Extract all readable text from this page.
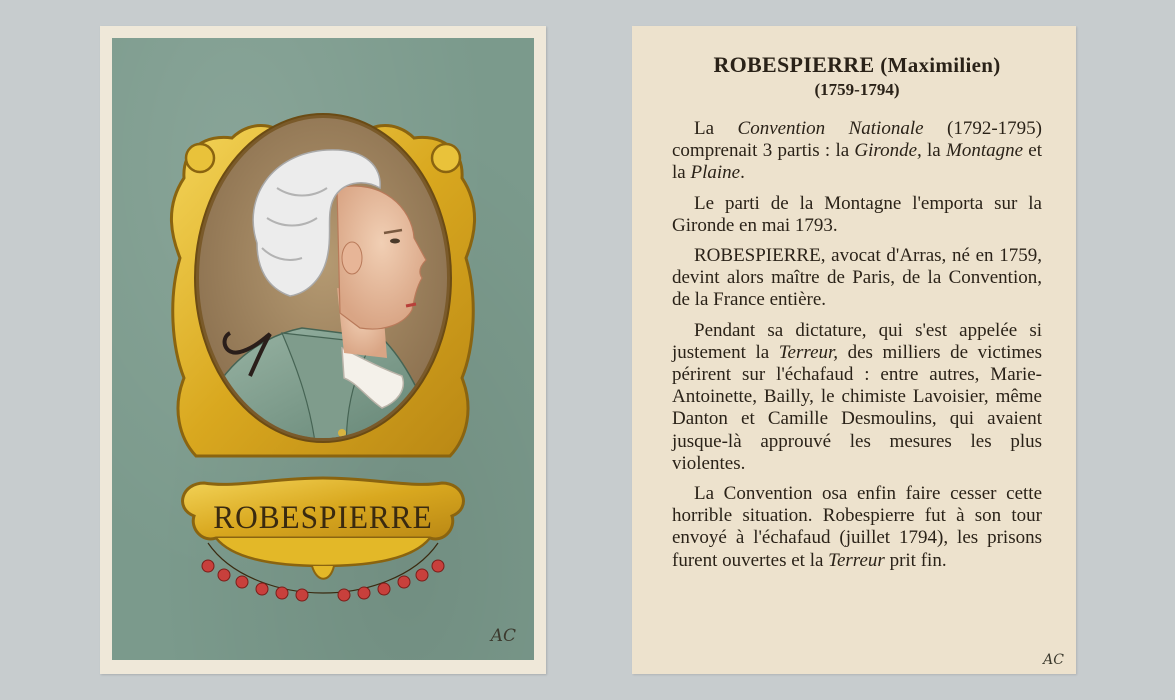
ROBESPIERRE
AC
ROBESPIERRE (Maximilien)
(1759-1794)

La Convention Nationale (1792-1795) comprenait 3 partis : la Gironde, la Montagne et la Plaine.

Le parti de la Montagne l'emporta sur la Gironde en mai 1793.

ROBESPIERRE, avocat d'Arras, né en 1759, devint alors maître de Paris, de la Convention, de la France entière.

Pendant sa dictature, qui s'est appelée si justement la Terreur, des milliers de victimes périrent sur l'échafaud : entre autres, Marie-Antoinette, Bailly, le chimiste Lavoisier, même Danton et Camille Desmoulins, qui avaient jusque-là approuvé les mesures les plus violentes.

La Convention osa enfin faire cesser cette horrible situation. Robespierre fut à son tour envoyé à l'échafaud (juillet 1794), les prisons furent ouvertes et la Terreur prit fin.

AC
